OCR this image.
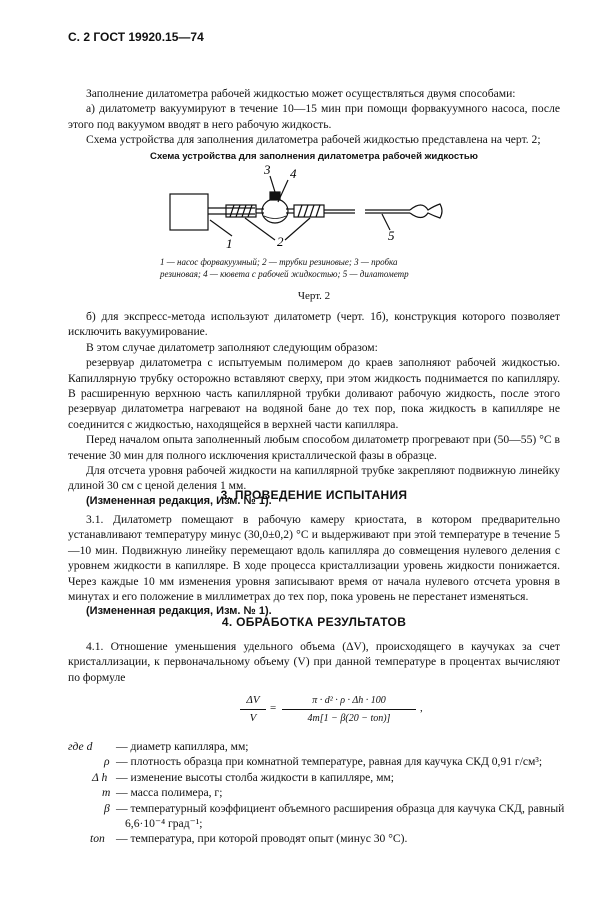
С. 2 ГОСТ 19920.15—74

Заполнение дилатометра рабочей жидкостью может осуществляться двумя способами:

а) дилатометр вакуумируют в течение 10—15 мин при помощи форвакуумного насоса, после этого под вакуумом вводят в него рабочую жидкость.

Схема устройства для заполнения дилатометра рабочей жидкостью представлена на черт. 2;

Схема устройства для заполнения дилатометра рабочей жидкостью
3 4
1	2	5
1 — насос форвакуумный; 2 — трубки резиновые; 3 — пробка
резиновая; 4 — кювета с рабочей жидкостью; 5 — дилатометр
Черт. 2

б) для экспресс-метода используют дилатометр (черт. 1б), конструкция которого позволяет исключить вакуумирование.

В этом случае дилатометр заполняют следующим образом:

резервуар дилатометра с испытуемым полимером до краев заполняют рабочей жидкостью. Капиллярную трубку осторожно вставляют сверху, при этом жидкость поднимается по капилляру. В расширенную верхнюю часть капиллярной трубки доливают рабочую жидкость, после этого резервуар дилатометра нагревают на водяной бане до тех пор, пока жидкость в капилляре не соединится с жидкостью, находящейся в верхней части капилляра.

Перед началом опыта заполненный любым способом дилатометр прогревают при (50—55) °С в течение 30 мин для полного исключения кристаллической фазы в образце.

Для отсчета уровня рабочей жидкости на капиллярной трубке закрепляют подвижную линейку длиной 30 см с ценой деления 1 мм.

(Измененная редакция, Изм. № 1).

3. ПРОВЕДЕНИЕ ИСПЫТАНИЯ

3.1. Дилатометр помещают в рабочую камеру криостата, в котором предварительно устанавливают температуру минус (30,0±0,2) °С и выдерживают при этой температуре в течение 5—10 мин. Подвижную линейку перемещают вдоль капилляра до совмещения нулевого деления с уровнем жидкости в капилляре. В ходе процесса кристаллизации уровень жидкости понижается. Через каждые 10 мм изменения уровня записывают время от начала нулевого отсчета уровня в минутах и его положение в миллиметрах до тех пор, пока уровень не перестанет изменяться.

(Измененная редакция, Изм. № 1).

4. ОБРАБОТКА РЕЗУЛЬТАТОВ

4.1. Отношение уменьшения удельного объема (ΔV), происходящего в каучуках за счет кристаллизации, к первоначальному объему (V) при данной температуре в процентах вычисляют по формуле

$\frac{\Delta V}{V}$ =
π · d² · ρ · Δh · 100
4m[1 − β(20 − tоп)]
,
где d — диаметр капилляра, мм;
ρ — плотность образца при комнатной температуре, равная для каучука СКД 0,91 г/см³;
Δ h — изменение высоты столба жидкости в капилляре, мм;
m — масса полимера, г;
β — температурный коэффициент объемного расширения образца для каучука СКД, равный
6,6·10⁻⁴ град⁻¹;
tоп — температура, при которой проводят опыт (минус 30 °С).
